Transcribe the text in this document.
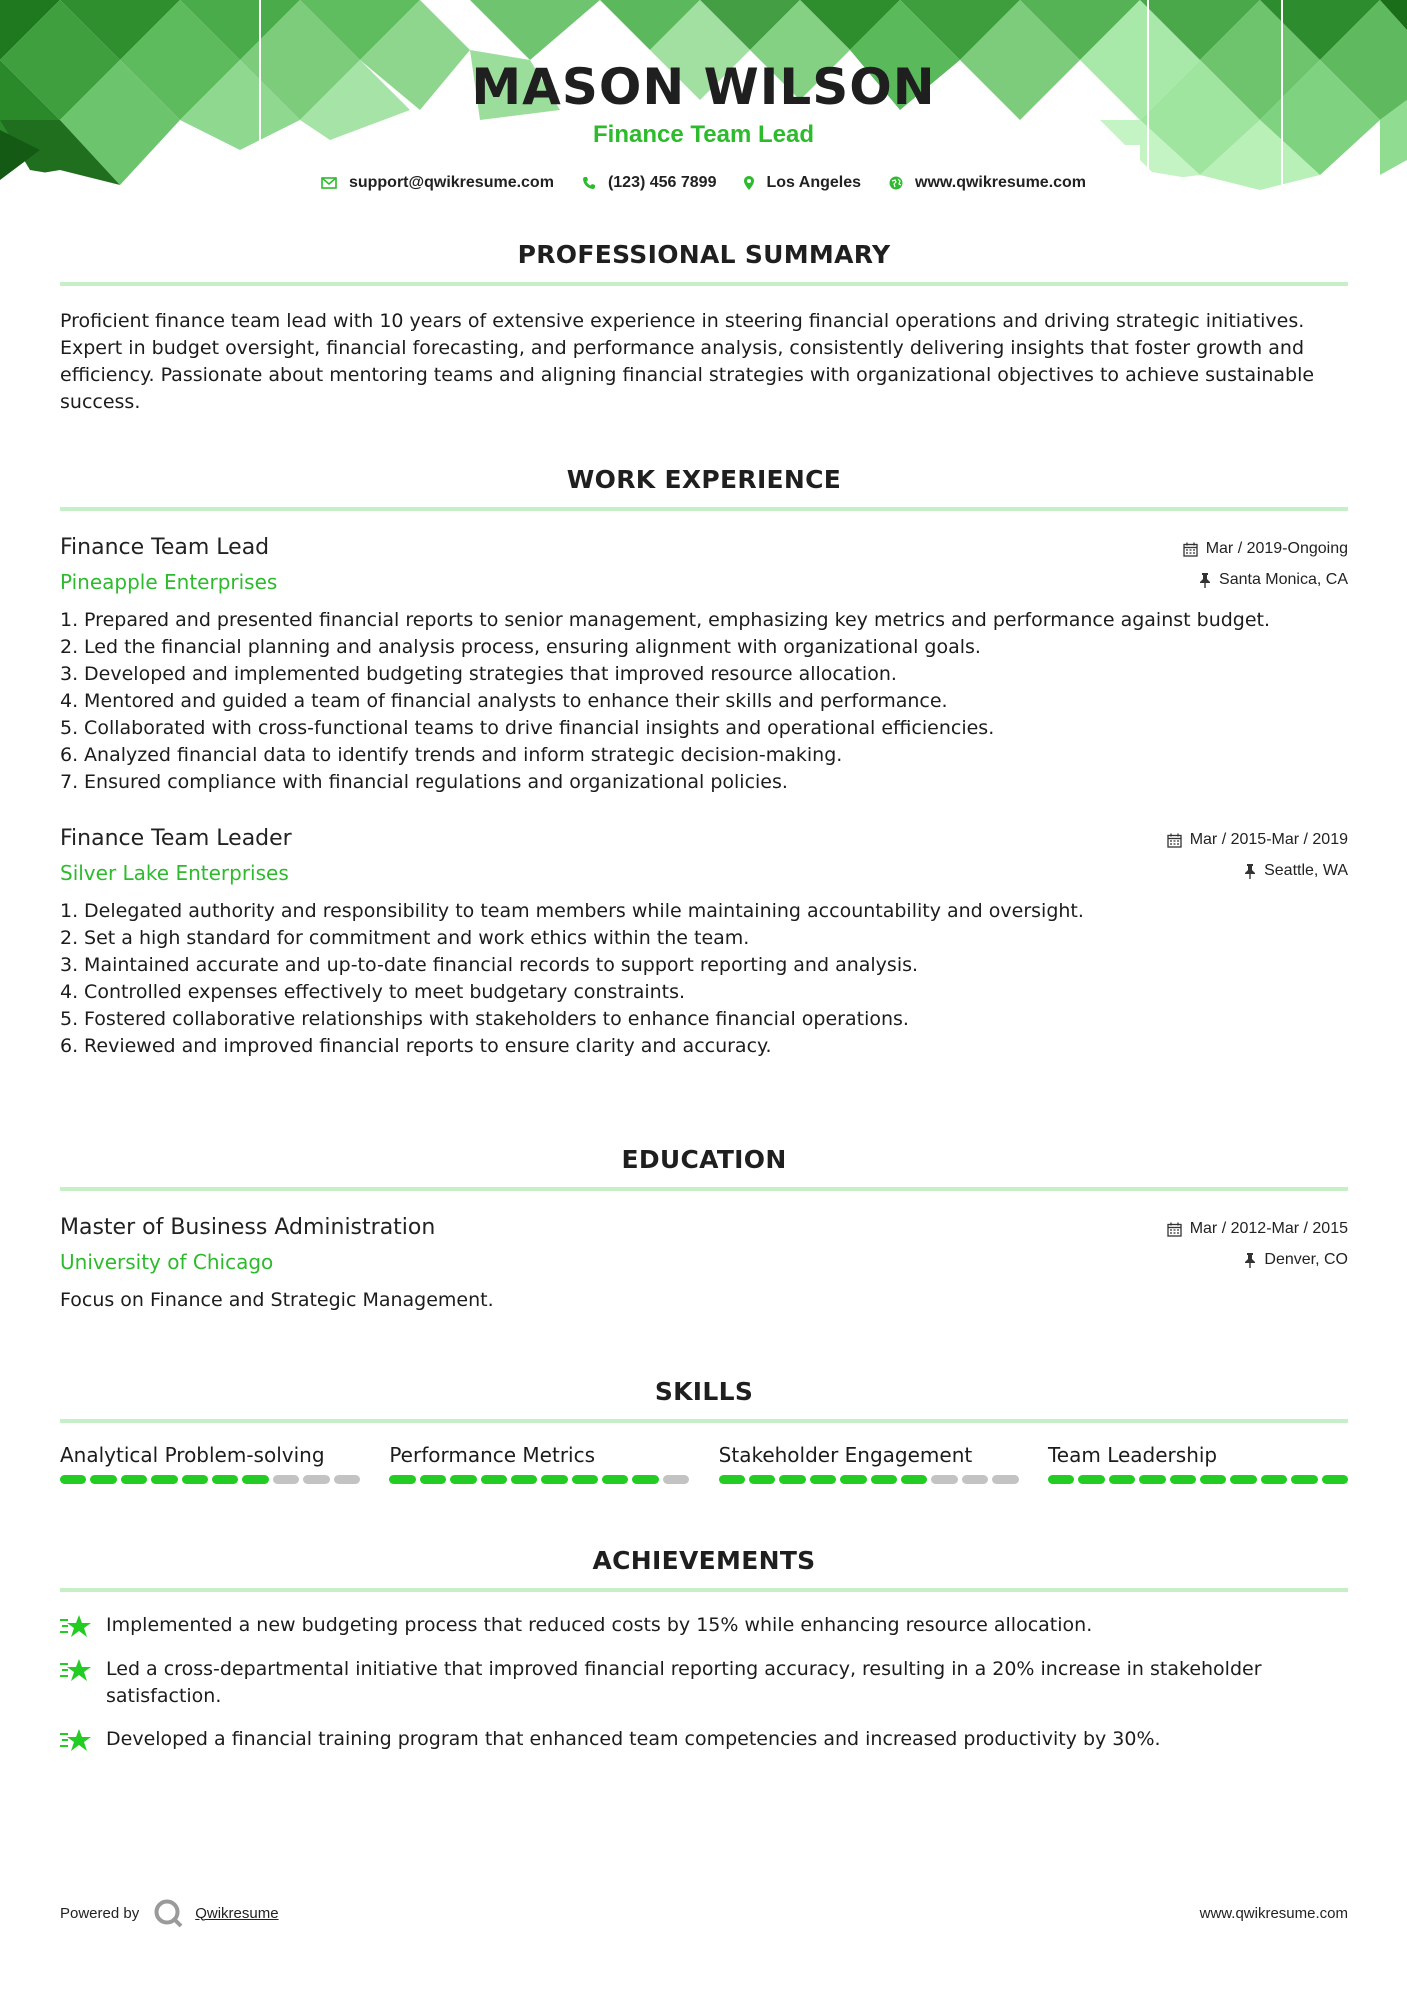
MASON WILSON
Finance Team Lead
support@qwikresume.com	(123) 456 7899	Los Angeles	www.qwikresume.com
PROFESSIONAL SUMMARY

Proficient finance team lead with 10 years of extensive experience in steering financial operations and driving strategic initiatives. Expert in budget oversight, financial forecasting, and performance analysis, consistently delivering insights that foster growth and efficiency. Passionate about mentoring teams and aligning financial strategies with organizational objectives to achieve sustainable success.

WORK EXPERIENCE
Finance Team Lead
Pineapple Enterprises
Mar / 2019-Ongoing
Santa Monica, CA
1.
Prepared and presented financial reports to senior management, emphasizing key metrics and performance against budget.
2.
Led the financial planning and analysis process, ensuring alignment with organizational goals.
3.
Developed and implemented budgeting strategies that improved resource allocation.
4.
Mentored and guided a team of financial analysts to enhance their skills and performance.
5.
Collaborated with cross-functional teams to drive financial insights and operational efficiencies.
6.
Analyzed financial data to identify trends and inform strategic decision-making.
7.
Ensured compliance with financial regulations and organizational policies.
Finance Team Leader
Silver Lake Enterprises
Mar / 2015-Mar / 2019
Seattle, WA
1.
Delegated authority and responsibility to team members while maintaining accountability and oversight.
2.
Set a high standard for commitment and work ethics within the team.
3.
Maintained accurate and up-to-date financial records to support reporting and analysis.
4.
Controlled expenses effectively to meet budgetary constraints.
5.
Fostered collaborative relationships with stakeholders to enhance financial operations.
6.
Reviewed and improved financial reports to ensure clarity and accuracy.
EDUCATION
Master of Business Administration
University of Chicago
Mar / 2012-Mar / 2015
Denver, CO

Focus on Finance and Strategic Management.

SKILLS
Analytical Problem-solving	Performance Metrics	Stakeholder Engagement	Team Leadership
ACHIEVEMENTS
Implemented a new budgeting process that reduced costs by 15% while enhancing resource allocation.
Led a cross-departmental initiative that improved financial reporting accuracy, resulting in a 20% increase in stakeholder satisfaction.
Developed a financial training program that enhanced team competencies and increased productivity by 30%.
Powered by	Qwikresume	www.qwikresume.com
